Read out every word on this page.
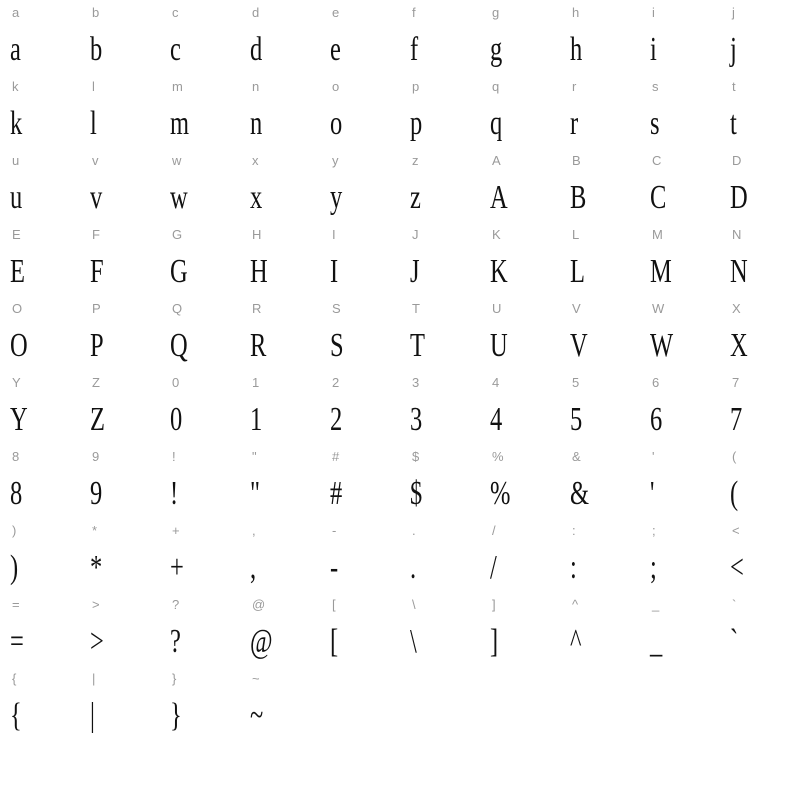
a	b	c	d	e	f	g	h	i	j
a	b	c	d	e	f	g	h	i	j
k	l	m	n	o	p	q	r	s	t
k	l	m	n	o	p	q	r	s	t
u	v	w	x	y	z	A	B	C	D
u	v	w	x	y	z	A	B	C	D
E	F	G	H	I	J	K	L	M	N
E	F	G	H	I	J	K	L	M	N
O	P	Q	R	S	T	U	V	W	X
O	P	Q	R	S	T	U	V	W	X
Y	Z	0	1	2	3	4	5	6	7
Y	Z	0	1	2	3	4	5	6	7
8	9	!	"	#	$	%	&	'	(
8	9	!	"	#	$	%	&	'	(
)	*	+	,	-	.	/	:	;	<
)	*	+	,	-	.	/	:	;	<
=	>	?	@	[	\	]	^	_	`
=	>	?	@	[	\	]	^	_	`
{	|	}	~
{	|	}	~
